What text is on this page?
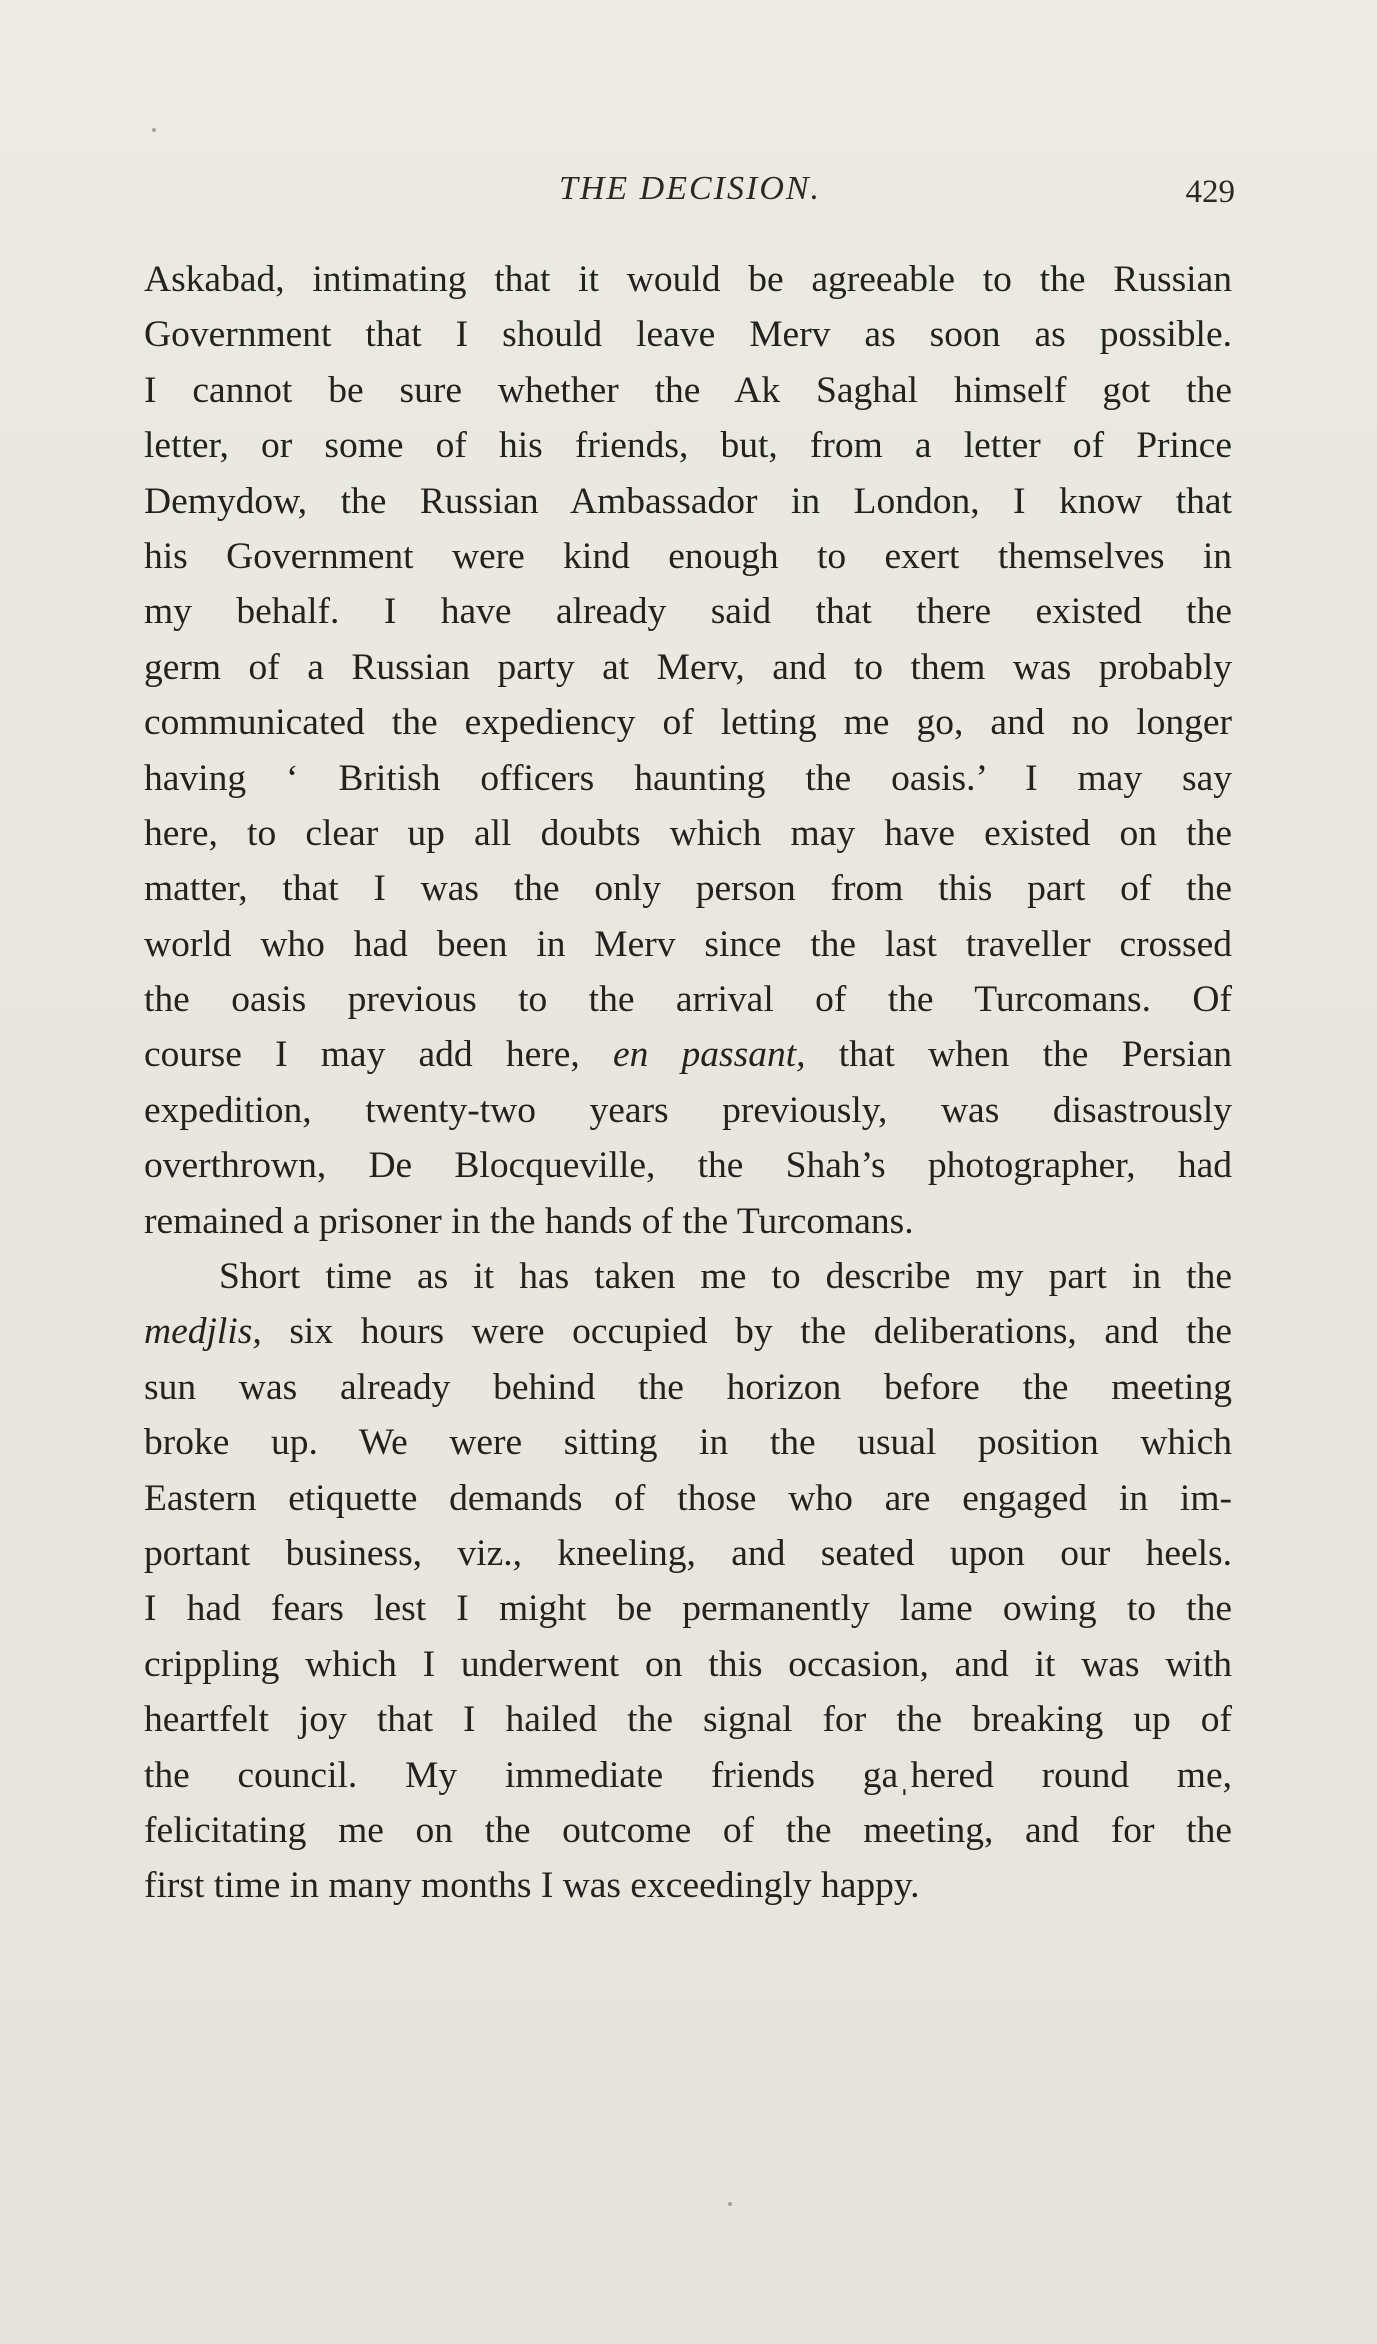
THE DECISION.	429
Askabad, intimating that it would be agreeable to the Russian
Government that I should leave Merv as soon as possible.
I cannot be sure whether the Ak Saghal himself got the
letter, or some of his friends, but, from a letter of Prince
Demydow, the Russian Ambassador in London, I know that
his Government were kind enough to exert themselves in
my behalf. I have already said that there existed the
germ of a Russian party at Merv, and to them was probably
communicated the expediency of letting me go, and no longer
having ‘ British officers haunting the oasis.’ I may say
here, to clear up all doubts which may have existed on the
matter, that I was the only person from this part of the
world who had been in Merv since the last traveller crossed
the oasis previous to the arrival of the Turcomans. Of
course I may add here, en passant, that when the Persian
expedition, twenty-two years previously, was disastrously
overthrown, De Blocqueville, the Shah’s photographer, had
remained a prisoner in the hands of the Turcomans.
Short time as it has taken me to describe my part in the
medjlis, six hours were occupied by the deliberations, and the
sun was already behind the horizon before the meeting
broke up. We were sitting in the usual position which
Eastern etiquette demands of those who are engaged in im-
portant business, viz., kneeling, and seated upon our heels.
I had fears lest I might be permanently lame owing to the
crippling which I underwent on this occasion, and it was with
heartfelt joy that I hailed the signal for the breaking up of
the council. My immediate friends gaˌhered round me,
felicitating me on the outcome of the meeting, and for the
first time in many months I was exceedingly happy.
